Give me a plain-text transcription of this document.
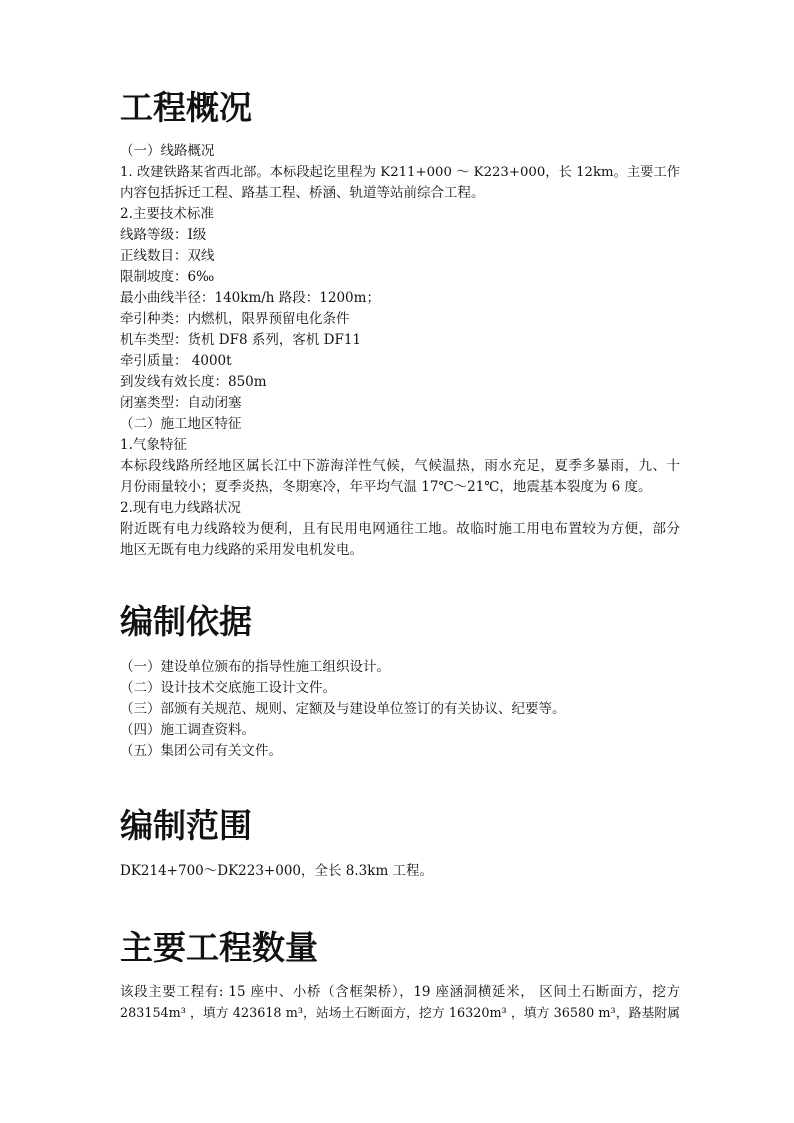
工程概况
（一）线路概况
1. 改建铁路某省西北部。本标段起讫里程为 K211+000 ～ K223+000，长 12km。主要工作
内容包括拆迁工程、路基工程、桥涵、轨道等站前综合工程。
2.主要技术标准
线路等级：Ⅰ级
正线数目：双线
限制坡度：6‰
最小曲线半径：140km/h 路段：1200m；
牵引种类：内燃机，限界预留电化条件
机车类型：货机 DF8 系列，客机 DF11
牵引质量： 4000t
到发线有效长度：850m
闭塞类型：自动闭塞
（二）施工地区特征
1.气象特征
本标段线路所经地区属长江中下游海洋性气候，气候温热，雨水充足，夏季多暴雨，九、十
月份雨量较小；夏季炎热，冬期寒冷，年平均气温 17℃～21℃，地震基本裂度为 6 度。
2.现有电力线路状况
附近既有电力线路较为便利，且有民用电网通往工地。故临时施工用电布置较为方便，部分
地区无既有电力线路的采用发电机发电。
编制依据
（一）建设单位颁布的指导性施工组织设计。
（二）设计技术交底施工设计文件。
（三）部颁有关规范、规则、定额及与建设单位签订的有关协议、纪要等。
（四）施工调查资料。
（五）集团公司有关文件。
编制范围
DK214+700～DK223+000，全长 8.3km 工程。
主要工程数量
该段主要工程有: 15 座中、小桥（含框架桥），19 座涵洞横延米， 区间土石断面方，挖方
283154m³ ，填方 423618 m³，站场土石断面方，挖方 16320m³ ，填方 36580 m³，路基附属
